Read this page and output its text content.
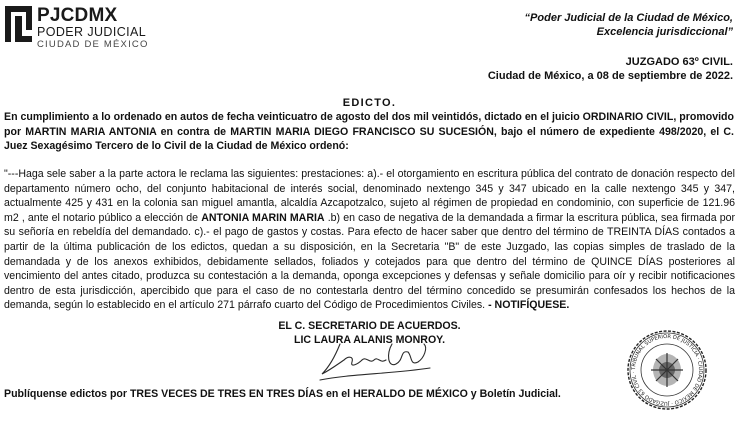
PJCDMX
PODER JUDICIAL
CIUDAD DE MÉXICO
“Poder Judicial de la Ciudad de México,
Excelencia jurisdiccional”
JUZGADO 63º CIVIL.
Ciudad de México, a 08 de septiembre de 2022.
EDICTO.
En cumplimiento a lo ordenado en autos de fecha veinticuatro de agosto del dos mil veintidós, dictado en el juicio ORDINARIO CIVIL, promovido por MARTIN MARIA ANTONIA en contra de MARTIN MARIA DIEGO FRANCISCO SU SUCESIÓN, bajo el número de expediente 498/2020, el C. Juez Sexagésimo Tercero de lo Civil de la Ciudad de México ordenó:
"---Haga sele saber a la parte actora le reclama las siguientes: prestaciones: a).- el otorgamiento en escritura pública del contrato de donación respecto del departamento número ocho, del conjunto habitacional de interés social, denominado nextengo 345 y 347 ubicado en la calle nextengo 345 y 347, actualmente 425 y 431 en la colonia san miguel amantla, alcaldía Azcapotzalco, sujeto al régimen de propiedad en condominio, con superficie de 121.96 m2 , ante el notario público a elección de ANTONIA MARIN MARIA .b) en caso de negativa de la demandada a firmar la escritura pública, sea firmada por su señoría en rebeldía del demandado. c).- el pago de gastos y costas. Para efecto de hacer saber que dentro del término de TREINTA DÍAS contados a partir de la última publicación de los edictos, quedan a su disposición, en la Secretaria "B" de este Juzgado, las copias simples de traslado de la demandada y de los anexos exhibidos, debidamente sellados, foliados y cotejados para que dentro del término de QUINCE DÍAS posteriores al vencimiento del antes citado, produzca su contestación a la demanda, oponga excepciones y defensas y señale domicilio para oír y recibir notificaciones dentro de esta jurisdicción, apercibido que para el caso de no contestarla dentro del término concedido se presumirán confesados los hechos de la demanda, según lo establecido en el artículo 271 párrafo cuarto del Código de Procedimientos Civiles. - NOTIFÍQUESE.
EL C. SECRETARIO DE ACUERDOS.
LIC LAURA ALANIS MONROY.
TRIBUNAL SUPERIOR DE JUSTICIA · CIUDAD DE MÉXICO · JUZGADO 63 CIVIL ·
Publíquense edictos por TRES VECES DE TRES EN TRES DÍAS en el HERALDO DE MÉXICO y Boletín Judicial.
